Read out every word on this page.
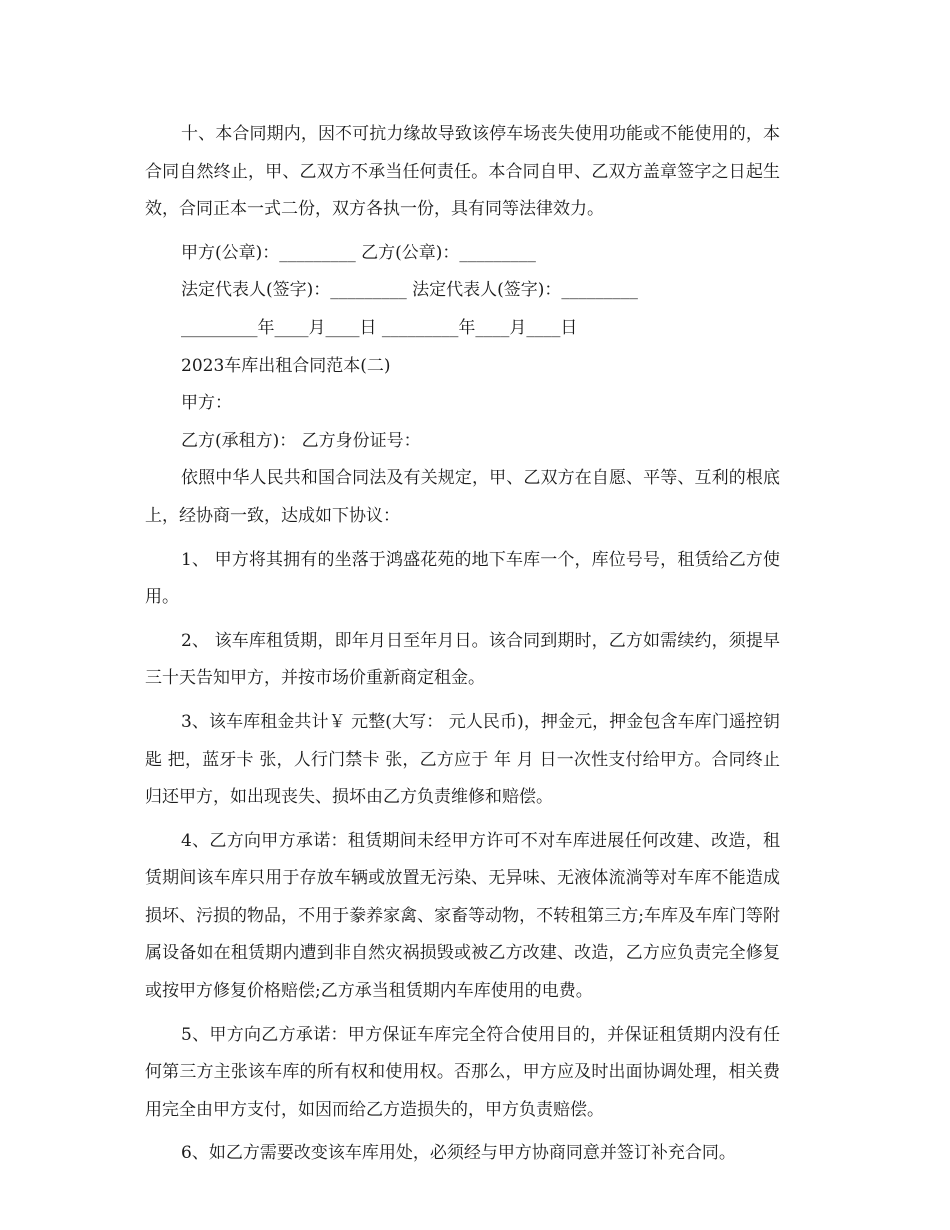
十、本合同期内，因不可抗力缘故导致该停车场丧失使用功能或不能使用的，本合同自然终止，甲、乙双方不承当任何责任。本合同自甲、乙双方盖章签字之日起生效，合同正本一式二份，双方各执一份，具有同等法律效力。

甲方(公章)：_________ 乙方(公章)：_________

法定代表人(签字)：_________ 法定代表人(签字)：_________

_________年____月____日 _________年____月____日

2023车库出租合同范本(二)

甲方：

乙方(承租方)： 乙方身份证号：

依照中华人民共和国合同法及有关规定，甲、乙双方在自愿、平等、互利的根底上，经协商一致，达成如下协议：

1、 甲方将其拥有的坐落于鸿盛花苑的地下车库一个，库位号号，租赁给乙方使用。

2、 该车库租赁期，即年月日至年月日。该合同到期时，乙方如需续约，须提早三十天告知甲方，并按市场价重新商定租金。

3、该车库租金共计￥ 元整(大写： 元人民币)，押金元，押金包含车库门遥控钥匙 把，蓝牙卡 张，人行门禁卡 张，乙方应于 年 月 日一次性支付给甲方。合同终止归还甲方，如出现丧失、损坏由乙方负责维修和赔偿。

4、乙方向甲方承诺：租赁期间未经甲方许可不对车库进展任何改建、改造，租赁期间该车库只用于存放车辆或放置无污染、无异味、无液体流淌等对车库不能造成损坏、污损的物品，不用于豢养家禽、家畜等动物，不转租第三方;车库及车库门等附属设备如在租赁期内遭到非自然灾祸损毁或被乙方改建、改造，乙方应负责完全修复或按甲方修复价格赔偿;乙方承当租赁期内车库使用的电费。

5、甲方向乙方承诺：甲方保证车库完全符合使用目的，并保证租赁期内没有任何第三方主张该车库的所有权和使用权。否那么，甲方应及时出面协调处理，相关费用完全由甲方支付，如因而给乙方造损失的，甲方负责赔偿。

6、如乙方需要改变该车库用处，必须经与甲方协商同意并签订补充合同。
